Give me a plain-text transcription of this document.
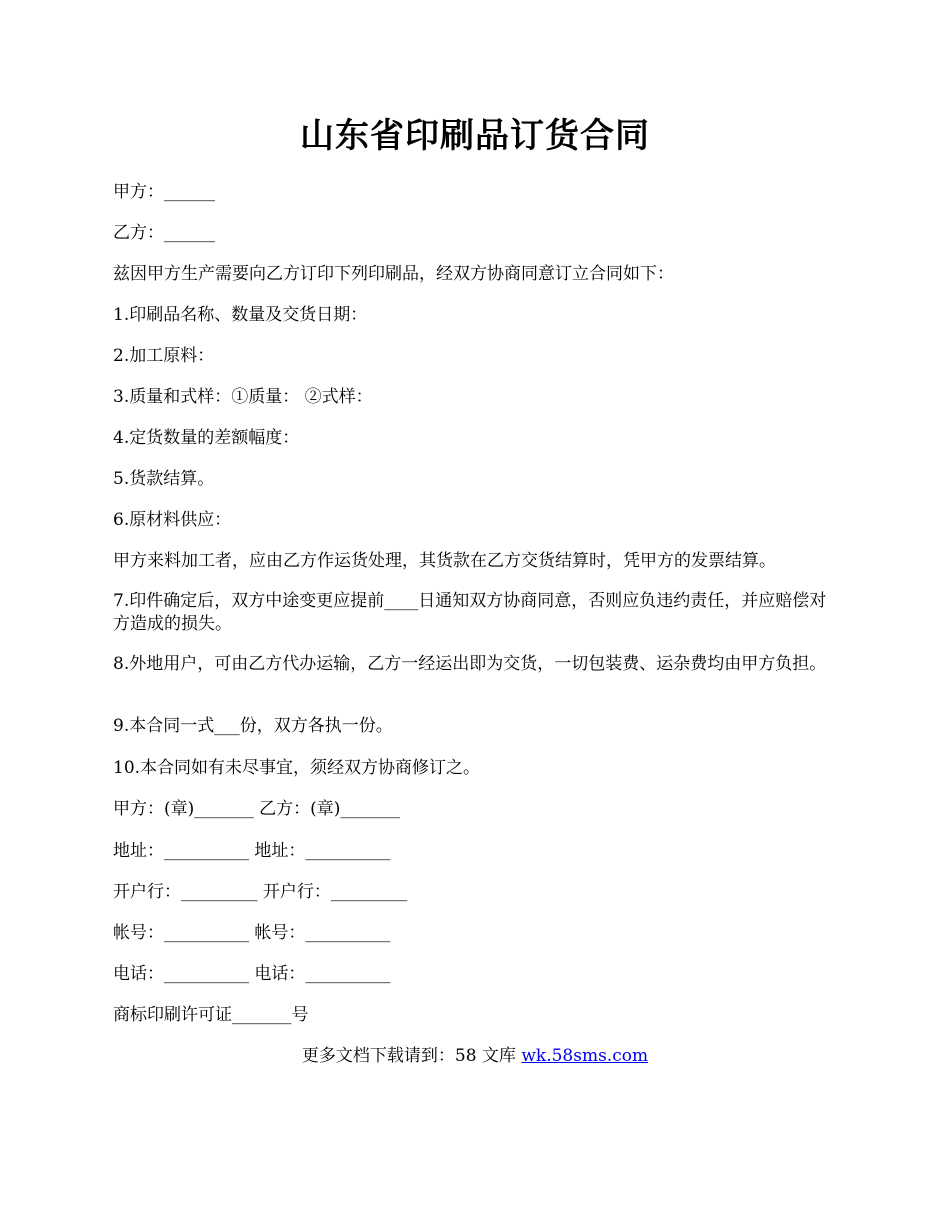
山东省印刷品订货合同
甲方：______
乙方：______
兹因甲方生产需要向乙方订印下列印刷品，经双方协商同意订立合同如下：
1.印刷品名称、数量及交货日期：
2.加工原料：
3.质量和式样：①质量： ②式样：
4.定货数量的差额幅度：
5.货款结算。
6.原材料供应：
甲方来料加工者，应由乙方作运货处理，其货款在乙方交货结算时，凭甲方的发票结算。
7.印件确定后，双方中途变更应提前____日通知双方协商同意，否则应负违约责任，并应赔偿对方造成的损失。
8.外地用户，可由乙方代办运输，乙方一经运出即为交货，一切包装费、运杂费均由甲方负担。
9.本合同一式___份，双方各执一份。
10.本合同如有未尽事宜，须经双方协商修订之。
甲方：(章)_______ 乙方：(章)_______
地址：__________ 地址：__________
开户行：_________ 开户行：_________
帐号：__________ 帐号：__________
电话：__________ 电话：__________
商标印刷许可证_______号
更多文档下载请到：58 文库 wk.58sms.com
